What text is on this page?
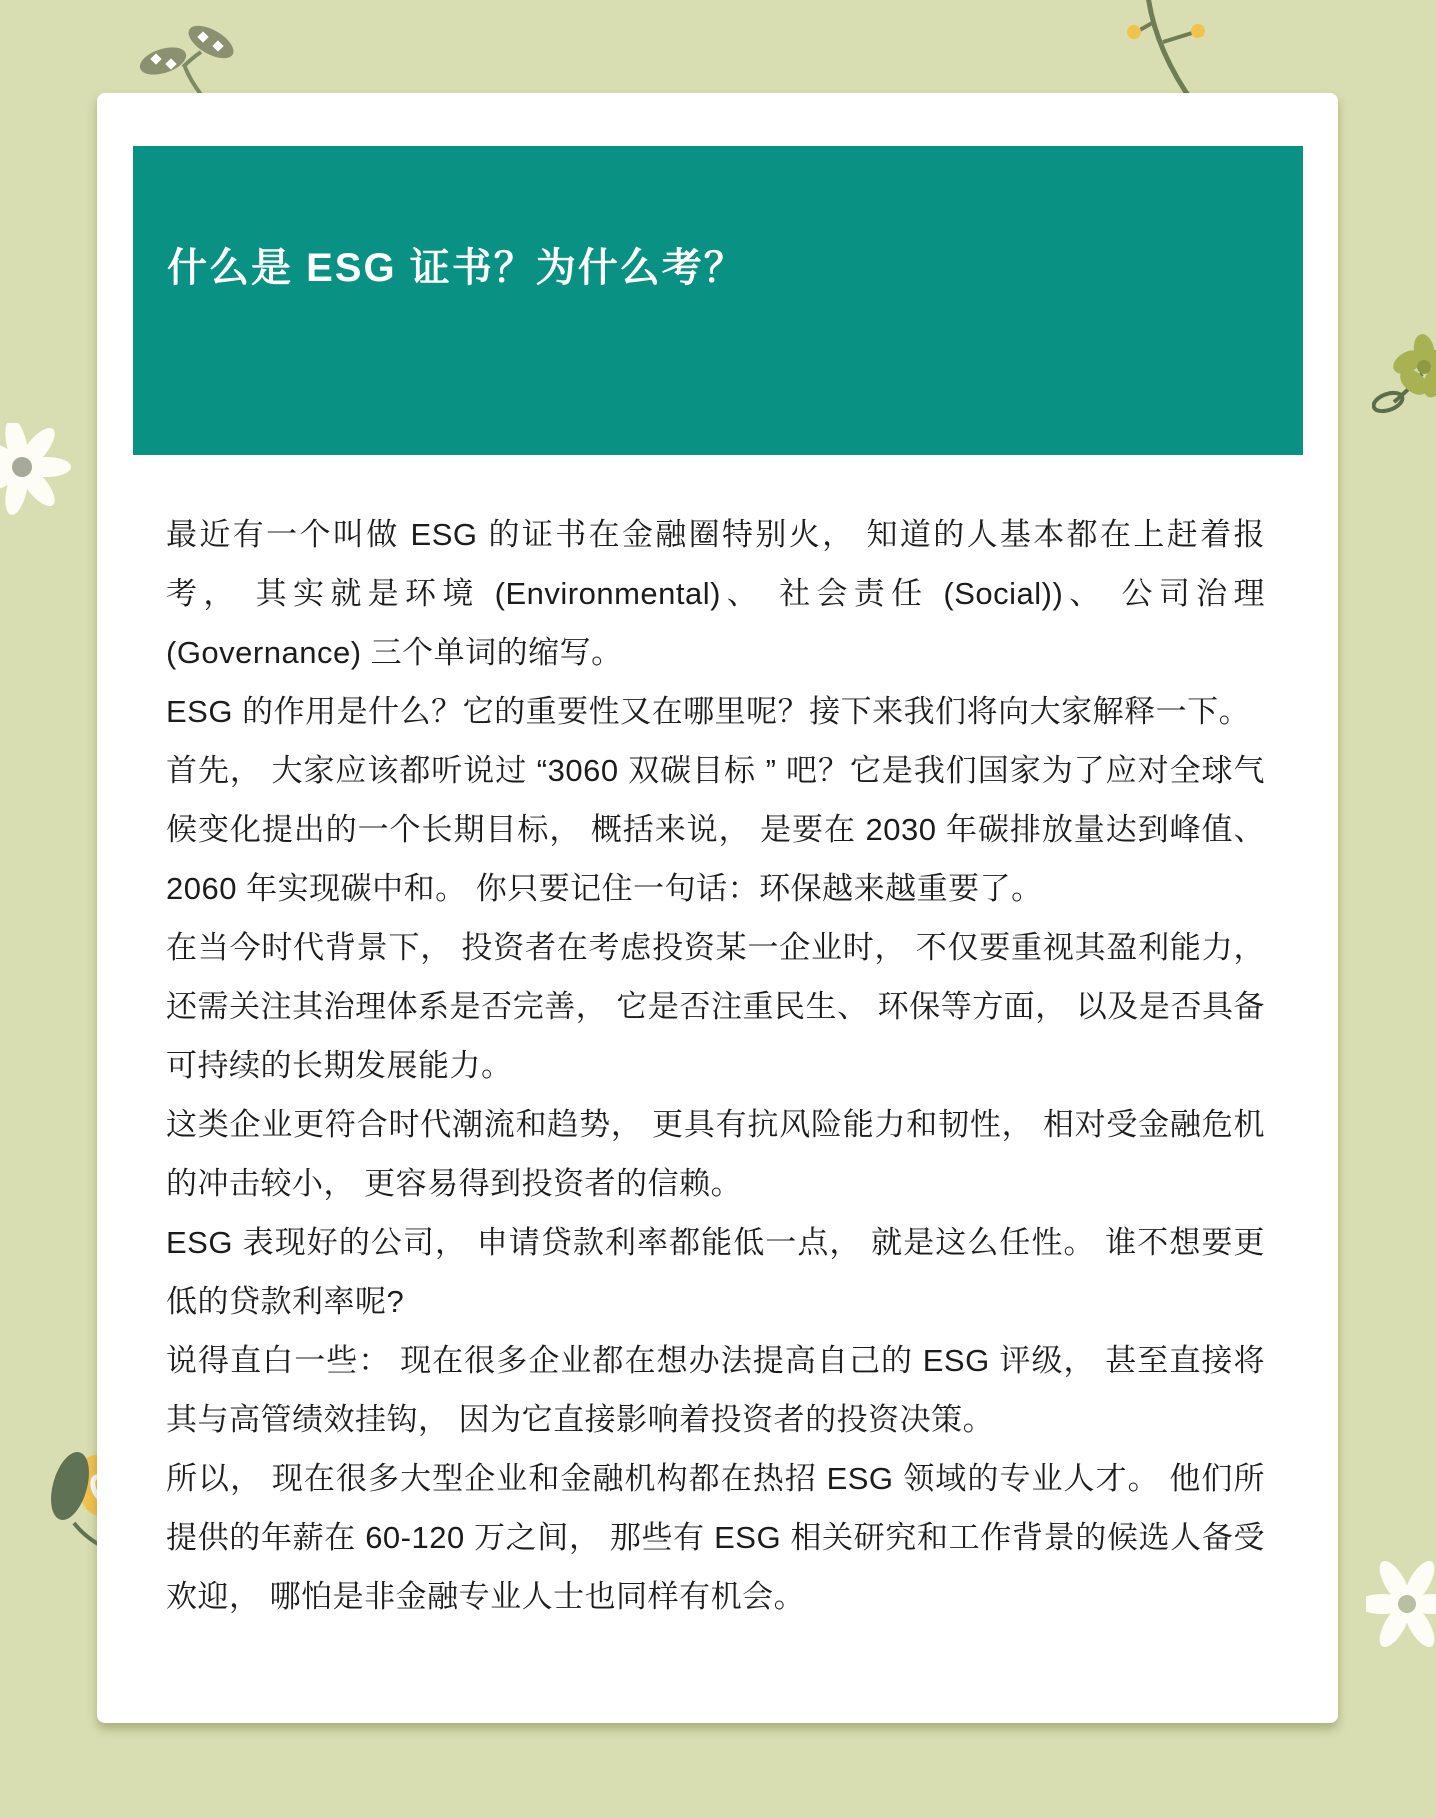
什么是 ESG 证书？为什么考？

最近有一个叫做 ESG 的证书在金融圈特别火， 知道的人基本都在上赶着报考， 其实就是环境 (Environmental)、 社会责任 (Social))、 公司治理 (Governance) 三个单词的缩写。

ESG 的作用是什么？它的重要性又在哪里呢？接下来我们将向大家解释一下。

首先， 大家应该都听说过 “3060 双碳目标 ” 吧？它是我们国家为了应对全球气候变化提出的一个长期目标， 概括来说， 是要在 2030 年碳排放量达到峰值、2060 年实现碳中和。 你只要记住一句话：环保越来越重要了。

在当今时代背景下， 投资者在考虑投资某一企业时， 不仅要重视其盈利能力， 还需关注其治理体系是否完善， 它是否注重民生、 环保等方面， 以及是否具备可持续的长期发展能力。

这类企业更符合时代潮流和趋势， 更具有抗风险能力和韧性， 相对受金融危机的冲击较小， 更容易得到投资者的信赖。

ESG 表现好的公司， 申请贷款利率都能低一点， 就是这么任性。 谁不想要更低的贷款利率呢?

说得直白一些： 现在很多企业都在想办法提高自己的 ESG 评级， 甚至直接将其与高管绩效挂钩， 因为它直接影响着投资者的投资决策。

所以， 现在很多大型企业和金融机构都在热招 ESG 领域的专业人才。 他们所提供的年薪在 60-120 万之间， 那些有 ESG 相关研究和工作背景的候选人备受欢迎， 哪怕是非金融专业人士也同样有机会。
